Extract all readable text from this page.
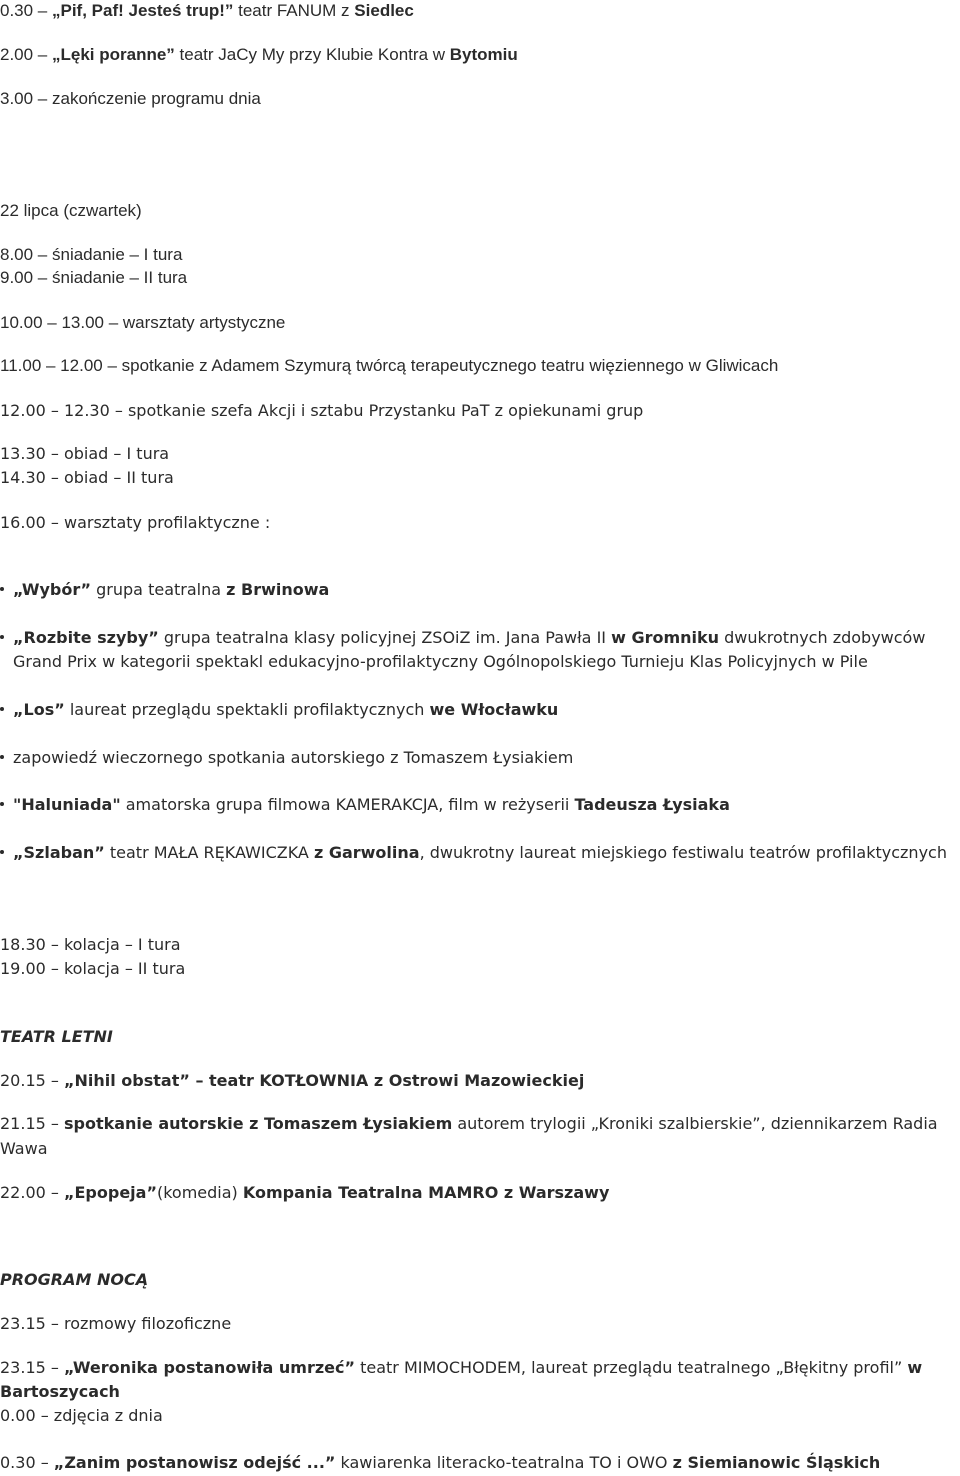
0.30 – „Pif, Paf! Jesteś trup!” teatr FANUM z Siedlec
2.00 – „Lęki poranne” teatr JaCy My przy Klubie Kontra w Bytomiu
3.00 – zakończenie programu dnia
22 lipca (czwartek)
8.00 – śniadanie – I tura
9.00 – śniadanie – II tura
10.00 – 13.00 – warsztaty artystyczne
11.00 – 12.00 – spotkanie z Adamem Szymurą twórcą terapeutycznego teatru więziennego w Gliwicach
12.00 – 12.30 – spotkanie szefa Akcji i sztabu Przystanku PaT z opiekunami grup
13.30 – obiad – I tura
14.30 – obiad – II tura
16.00 – warsztaty profilaktyczne :
„Wybór” grupa teatralna z Brwinowa
„Rozbite szyby” grupa teatralna klasy policyjnej ZSOiZ im. Jana Pawła II w Gromniku dwukrotnych zdobywców
Grand Prix w kategorii spektakl edukacyjno-profilaktyczny Ogólnopolskiego Turnieju Klas Policyjnych w Pile
„Los” laureat przeglądu spektakli profilaktycznych we Włocławku
zapowiedź wieczornego spotkania autorskiego z Tomaszem Łysiakiem
"Haluniada" amatorska grupa filmowa KAMERAKCJA, film w reżyserii Tadeusza Łysiaka
„Szlaban” teatr MAŁA RĘKAWICZKA z Garwolina, dwukrotny laureat miejskiego festiwalu teatrów profilaktycznych
18.30 – kolacja – I tura
19.00 – kolacja – II tura
TEATR LETNI
20.15 – „Nihil obstat” – teatr KOTŁOWNIA z Ostrowi Mazowieckiej
21.15 – spotkanie autorskie z Tomaszem Łysiakiem autorem trylogii „Kroniki szalbierskie”, dziennikarzem Radia
Wawa
22.00 – „Epopeja”(komedia) Kompania Teatralna MAMRO z Warszawy
PROGRAM NOCĄ
23.15 – rozmowy filozoficzne
23.15 – „Weronika postanowiła umrzeć” teatr MIMOCHODEM, laureat przeglądu teatralnego „Błękitny profil” w
Bartoszycach
0.00 – zdjęcia z dnia
0.30 – „Zanim postanowisz odejść ...” kawiarenka literacko-teatralna TO i OWO z Siemianowic Śląskich
